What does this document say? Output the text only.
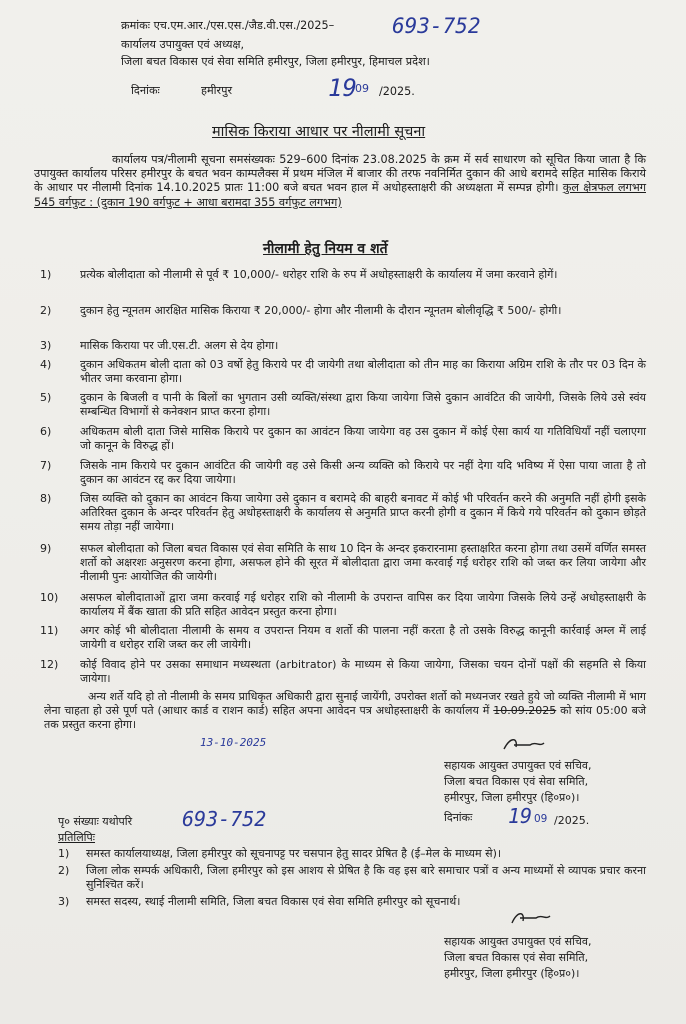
क्रमांकः एच.एम.आर./एस.एस./जैड.वी.एस./2025–	693-752
कार्यालय उपायुक्त एवं अध्यक्ष,
जिला बचत विकास एवं सेवा समिति हमीरपुर, जिला हमीरपुर, हिमाचल प्रदेश।
दिनांकः	हमीरपुर	19
09 /2025.
मासिक किराया आधार पर नीलामी सूचना
कार्यालय पत्र/नीलामी सूचना समसंख्यकः 529–600 दिनांक 23.08.2025 के क्रम में सर्व साधारण को सूचित किया जाता है कि उपायुक्त कार्यालय परिसर हमीरपुर के बचत भवन काम्पलैक्स में प्रथम मंजिल में बाजार की तरफ नवनिर्मित दुकान की आधे बरामदे सहित मासिक किराये के आधार पर नीलामी दिनांक 14.10.2025 प्रातः 11:00 बजे बचत भवन हाल में अधोहस्ताक्षरी की अध्यक्षता में सम्पन्न होगी। कुल क्षेत्रफल लगभग 545 वर्गफुट : (दुकान 190 वर्गफुट + आधा बरामदा 355 वर्गफुट लगभग)
नीलामी हेतु नियम व शर्ते
1)	प्रत्येक बोलीदाता को नीलामी से पूर्व ₹ 10,000/- धरोहर राशि के रुप में अधोहस्ताक्षरी के कार्यालय में जमा करवाने होगें।
2)	दुकान हेतु न्यूनतम आरक्षित मासिक किराया ₹ 20,000/- होगा और नीलामी के दौरान न्यूनतम बोलीवृद्धि ₹ 500/- होगी।
3)	मासिक किराया पर जी.एस.टी. अलग से देय होगा।
4)	दुकान अधिकतम बोली दाता को 03 वर्षो हेतु किराये पर दी जायेगी तथा बोलीदाता को तीन माह का किराया अग्रिम राशि के तौर पर 03 दिन के भीतर जमा करवाना होगा।
5)	दुकान के बिजली व पानी के बिलों का भुगतान उसी व्यक्ति/संस्था द्वारा किया जायेगा जिसे दुकान आवंटित की जायेगी, जिसके लिये उसे स्वंय सम्बन्धित विभागों से कनेक्शन प्राप्त करना होगा।
6)	अधिकतम बोली दाता जिसे मासिक किराये पर दुकान का आवंटन किया जायेगा वह उस दुकान में कोई ऐसा कार्य या गतिविधियाँ नहीं चलाएगा जो कानून के विरुद्ध हों।
7)	जिसके नाम किराये पर दुकान आवंटित की जायेगी वह उसे किसी अन्य व्यक्ति को किराये पर नहीं देगा यदि भविष्य में ऐसा पाया जाता है तो दुकान का आवंटन रद्द कर दिया जायेगा।
8)	जिस व्यक्ति को दुकान का आवंटन किया जायेगा उसे दुकान व बरामदे की बाहरी बनावट में कोई भी परिवर्तन करने की अनुमति नहीं होगी इसके अतिरिक्त दुकान के अन्दर परिवर्तन हेतु अधोहस्ताक्षरी के कार्यालय से अनुमति प्राप्त करनी होगी व दुकान में किये गये परिवर्तन को दुकान छोड़ते समय तोड़ा नहीं जायेगा।
9)	सफल बोलीदाता को जिला बचत विकास एवं सेवा समिति के साथ 10 दिन के अन्दर इकरारनामा हस्ताक्षरित करना होगा तथा उसमें वर्णित समस्त शर्तो को अक्षरशः अनुसरण करना होगा, असफल होने की सूरत में बोलीदाता द्वारा जमा करवाई गई धरोहर राशि को जब्त कर लिया जायेगा और नीलामी पुनः आयोजित की जायेगी।
10)	असफल बोलीदाताओं द्वारा जमा करवाई गई धरोहर राशि को नीलामी के उपरान्त वापिस कर दिया जायेगा जिसके लिये उन्हें अधोहस्ताक्षरी के कार्यालय में बैंक खाता की प्रति सहित आवेदन प्रस्तुत करना होगा।
11)	अगर कोई भी बोलीदाता नीलामी के समय व उपरान्त नियम व शर्तो की पालना नहीं करता है तो उसके विरुद्ध कानूनी कार्रवाई अम्ल में लाई जायेगी व धरोहर राशि जब्त कर ली जायेगी।
12)	कोई विवाद होने पर उसका समाधान मध्यस्थता (arbitrator) के माध्यम से किया जायेगा, जिसका चयन दोनों पक्षों की सहमति से किया जायेगा।
अन्य शर्ते यदि हो तो नीलामी के समय प्राधिकृत अधिकारी द्वारा सुनाई जायेंगी, उपरोक्त शर्तो को मध्यनजर रखते हुये जो व्यक्ति नीलामी में भाग लेना चाहता हो उसे पूर्ण पते (आधार कार्ड व राशन कार्ड) सहित अपना आवेदन पत्र अधोहस्ताक्षरी के कार्यालय में 10.09.2025 को सांय 05:00 बजे तक प्रस्तुत करना होगा।
13-10-2025
सहायक आयुक्त उपायुक्त एवं सचिव,
जिला बचत विकास एवं सेवा समिति,
हमीरपुर, जिला हमीरपुर (हि०प्र०)।
दिनांकः 19 09 /2025.
पृ० संख्याः यथोपरि 693-752
प्रतिलिपिः
1) समस्त कार्यालयाध्यक्ष, जिला हमीरपुर को सूचनापट्ट पर चसपान हेतु सादर प्रेषित है (ई–मेल के माध्यम से)।
2) जिला लोक सम्पर्क अधिकारी, जिला हमीरपुर को इस आशय से प्रेषित है कि वह इस बारे समाचार पत्रों व अन्य माध्यमों से व्यापक प्रचार करना सुनिश्चित करें।
3) समस्त सदस्य, स्थाई नीलामी समिति, जिला बचत विकास एवं सेवा समिति हमीरपुर को सूचनार्थ।
सहायक आयुक्त उपायुक्त एवं सचिव,
जिला बचत विकास एवं सेवा समिति,
हमीरपुर, जिला हमीरपुर (हि०प्र०)।
